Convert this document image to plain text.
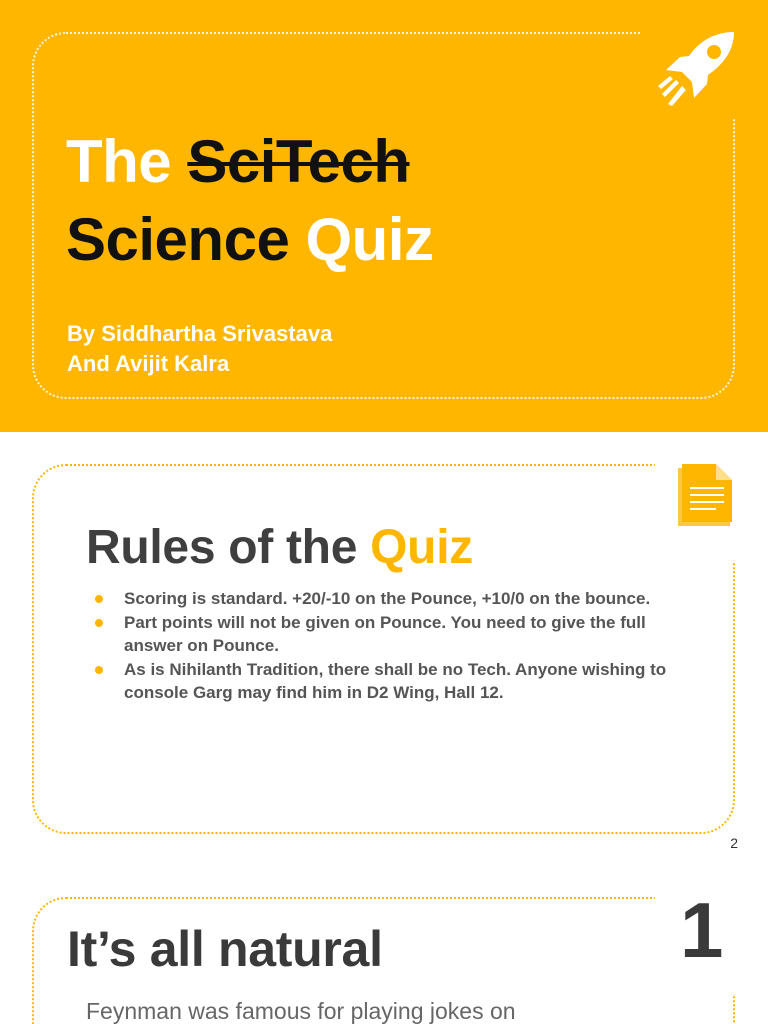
The SciTech
Science Quiz
By Siddhartha Srivastava
And Avijit Kalra
Rules of the Quiz
Scoring is standard. +20/-10 on the Pounce, +10/0 on the bounce.
Part points will not be given on Pounce. You need to give the full answer on Pounce.
As is Nihilanth Tradition, there shall be no Tech. Anyone wishing to console Garg may find him in D2 Wing, Hall 12.
2
1
It’s all natural
Feynman was famous for playing jokes on
